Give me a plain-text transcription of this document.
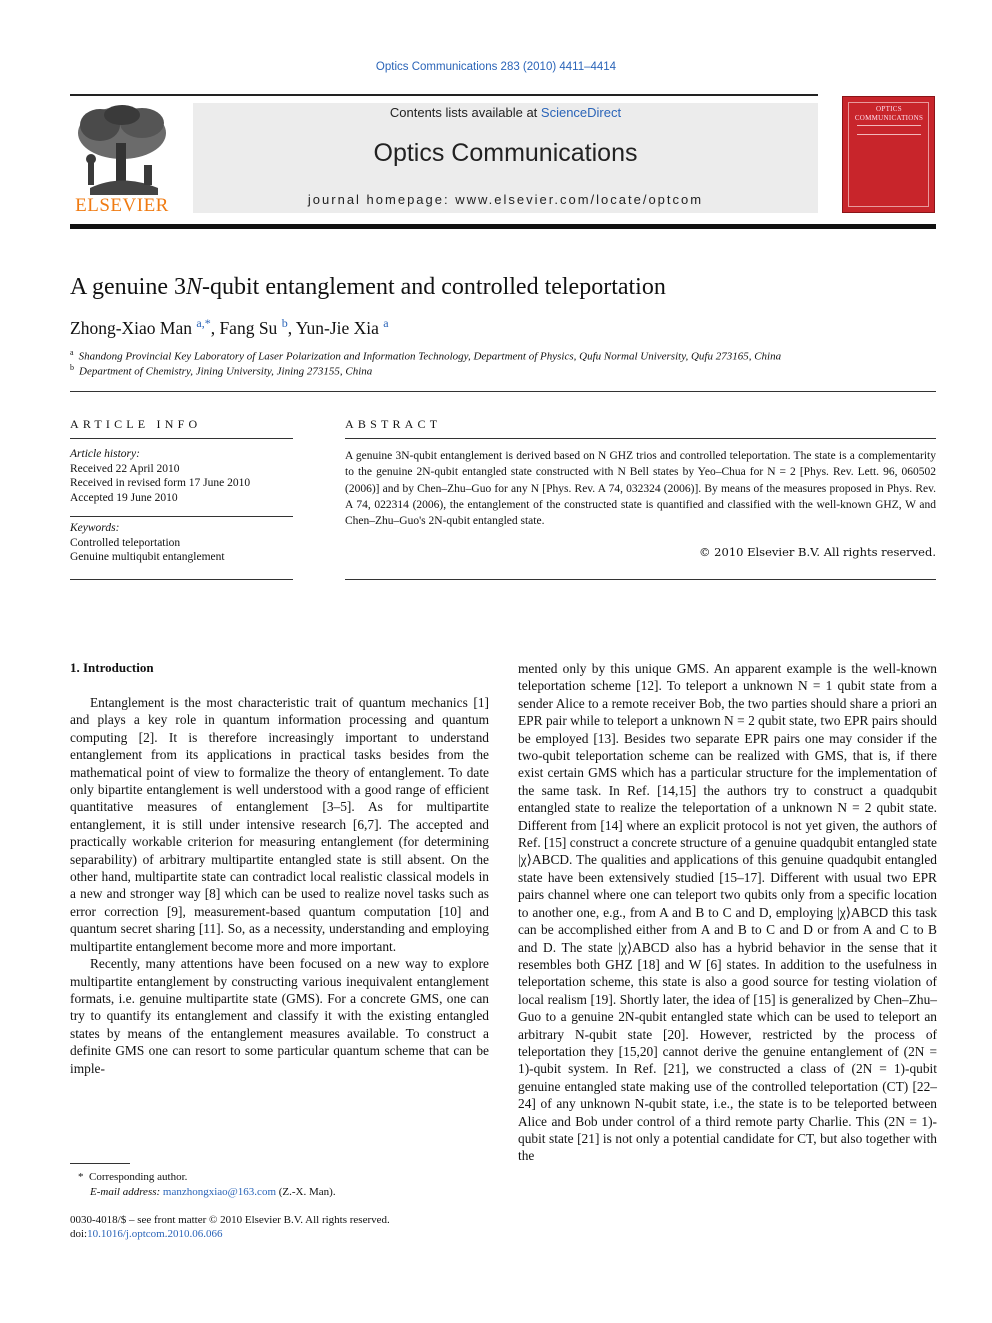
Optics Communications 283 (2010) 4411–4414
ELSEVIER
Contents lists available at ScienceDirect
Optics Communications
journal homepage: www.elsevier.com/locate/optcom
OPTICS COMMUNICATIONS
A genuine 3N-qubit entanglement and controlled teleportation
Zhong-Xiao Man $^{a,*}$, Fang Su $^b$, Yun-Jie Xia $^a$
$^a$ Shandong Provincial Key Laboratory of Laser Polarization and Information Technology, Department of Physics, Qufu Normal University, Qufu 273165, China
$^b$ Department of Chemistry, Jining University, Jining 273155, China
ARTICLE INFO
Article history:
Received 22 April 2010
Received in revised form 17 June 2010
Accepted 19 June 2010
Keywords:
Controlled teleportation
Genuine multiqubit entanglement
ABSTRACT
A genuine 3N-qubit entanglement is derived based on N GHZ trios and controlled teleportation. The state is a complementarity to the genuine 2N-qubit entangled state constructed with N Bell states by Yeo–Chua for N = 2 [Phys. Rev. Lett. 96, 060502 (2006)] and by Chen–Zhu–Guo for any N [Phys. Rev. A 74, 032324 (2006)]. By means of the measures proposed in Phys. Rev. A 74, 022314 (2006), the entanglement of the constructed state is quantified and classified with the well-known GHZ, W and Chen–Zhu–Guo's 2N-qubit entangled state.
© 2010 Elsevier B.V. All rights reserved.
1. Introduction

Entanglement is the most characteristic trait of quantum mechanics [1] and plays a key role in quantum information processing and quantum computing [2]. It is therefore increasingly important to understand entanglement from its applications in practical tasks besides from the mathematical point of view to formalize the theory of entanglement. To date only bipartite entanglement is well understood with a good range of efficient quantitative measures of entanglement [3–5]. As for multipartite entanglement, it is still under intensive research [6,7]. The accepted and practically workable criterion for measuring entanglement (for determining separability) of arbitrary multipartite entangled state is still absent. On the other hand, multipartite state can contradict local realistic classical models in a new and stronger way [8] which can be used to realize novel tasks such as error correction [9], measurement-based quantum computation [10] and quantum secret sharing [11]. So, as a necessity, understanding and employing multipartite entanglement become more and more important.

Recently, many attentions have been focused on a new way to explore multipartite entanglement by constructing various inequivalent entanglement formats, i.e. genuine multipartite state (GMS). For a concrete GMS, one can try to quantify its entanglement and classify it with the existing entangled states by means of the entanglement measures available. To construct a definite GMS one can resort to some particular quantum scheme that can be imple-

mented only by this unique GMS. An apparent example is the well-known teleportation scheme [12]. To teleport a unknown N = 1 qubit state from a sender Alice to a remote receiver Bob, the two parties should share a priori an EPR pair while to teleport a unknown N = 2 qubit state, two EPR pairs should be employed [13]. Besides two separate EPR pairs one may consider if the two-qubit teleportation scheme can be realized with GMS, that is, if there exist certain GMS which has a particular structure for the implementation of the same task. In Ref. [14,15] the authors try to construct a quadqubit entangled state to realize the teleportation of a unknown N = 2 qubit state. Different from [14] where an explicit protocol is not yet given, the authors of Ref. [15] construct a concrete structure of a genuine quadqubit entangled state |χ⟩ABCD. The qualities and applications of this genuine quadqubit entangled state have been extensively studied [15–17]. Different with usual two EPR pairs channel where one can teleport two qubits only from a specific location to another one, e.g., from A and B to C and D, employing |χ⟩ABCD this task can be accomplished either from A and B to C and D or from A and C to B and D. The state |χ⟩ABCD also has a hybrid behavior in the sense that it resembles both GHZ [18] and W [6] states. In addition to the usefulness in teleportation scheme, this state is also a good source for testing violation of local realism [19]. Shortly later, the idea of [15] is generalized by Chen–Zhu–Guo to a genuine 2N-qubit entangled state which can be used to teleport an arbitrary N-qubit state [20]. However, restricted by the process of teleportation they [15,20] cannot derive the genuine entanglement of (2N = 1)-qubit system. In Ref. [21], we constructed a class of (2N = 1)-qubit genuine entangled state making use of the controlled teleportation (CT) [22–24] of any unknown N-qubit state, i.e., the state is to be teleported between Alice and Bob under control of a third remote party Charlie. This (2N = 1)-qubit state [21] is not only a potential candidate for CT, but also together with the

*  Corresponding author.
E-mail address: manzhongxiao@163.com (Z.-X. Man).
0030-4018/$ – see front matter © 2010 Elsevier B.V. All rights reserved.
doi:10.1016/j.optcom.2010.06.066
